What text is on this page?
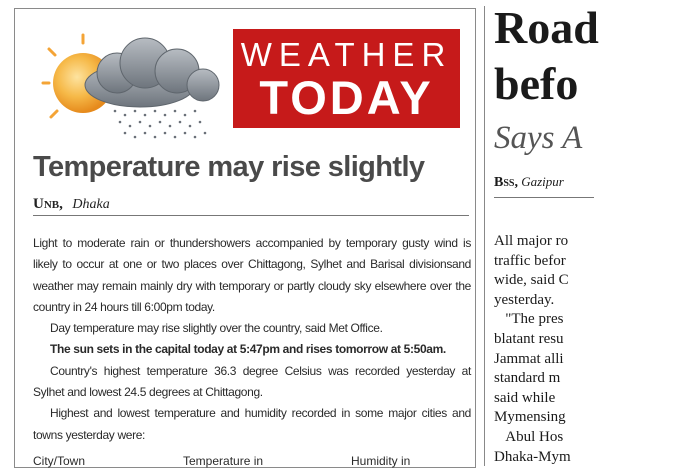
WEATHER
TODAY
Temperature may rise slightly
Unb, Dhaka

Light to moderate rain or thundershowers accompanied by temporary gusty wind is likely to occur at one or two places over Chittagong, Sylhet and Barisal divisionsand weather may remain mainly dry with temporary or partly cloudy sky elsewhere over the country in 24 hours till 6:00pm today.

Day temperature may rise slightly over the country, said Met Office.

The sun sets in the capital today at 5:47pm and rises tomorrow at 5:50am.

Country's highest temperature 36.3 degree Celsius was recorded yesterday at Sylhet and lowest 24.5 degrees at Chittagong.

Highest and lowest temperature and humidity recorded in some major cities and towns yesterday were:

City/Town	Temperature in	Humidity in
Road
befo
Says A
Bss, Gazipur
All major ro
traffic befor
wide, said C
yesterday.
"The pres
blatant resu
Jammat alli
standard m
said while
Mymensing
Abul Hos
Dhaka-Mym
